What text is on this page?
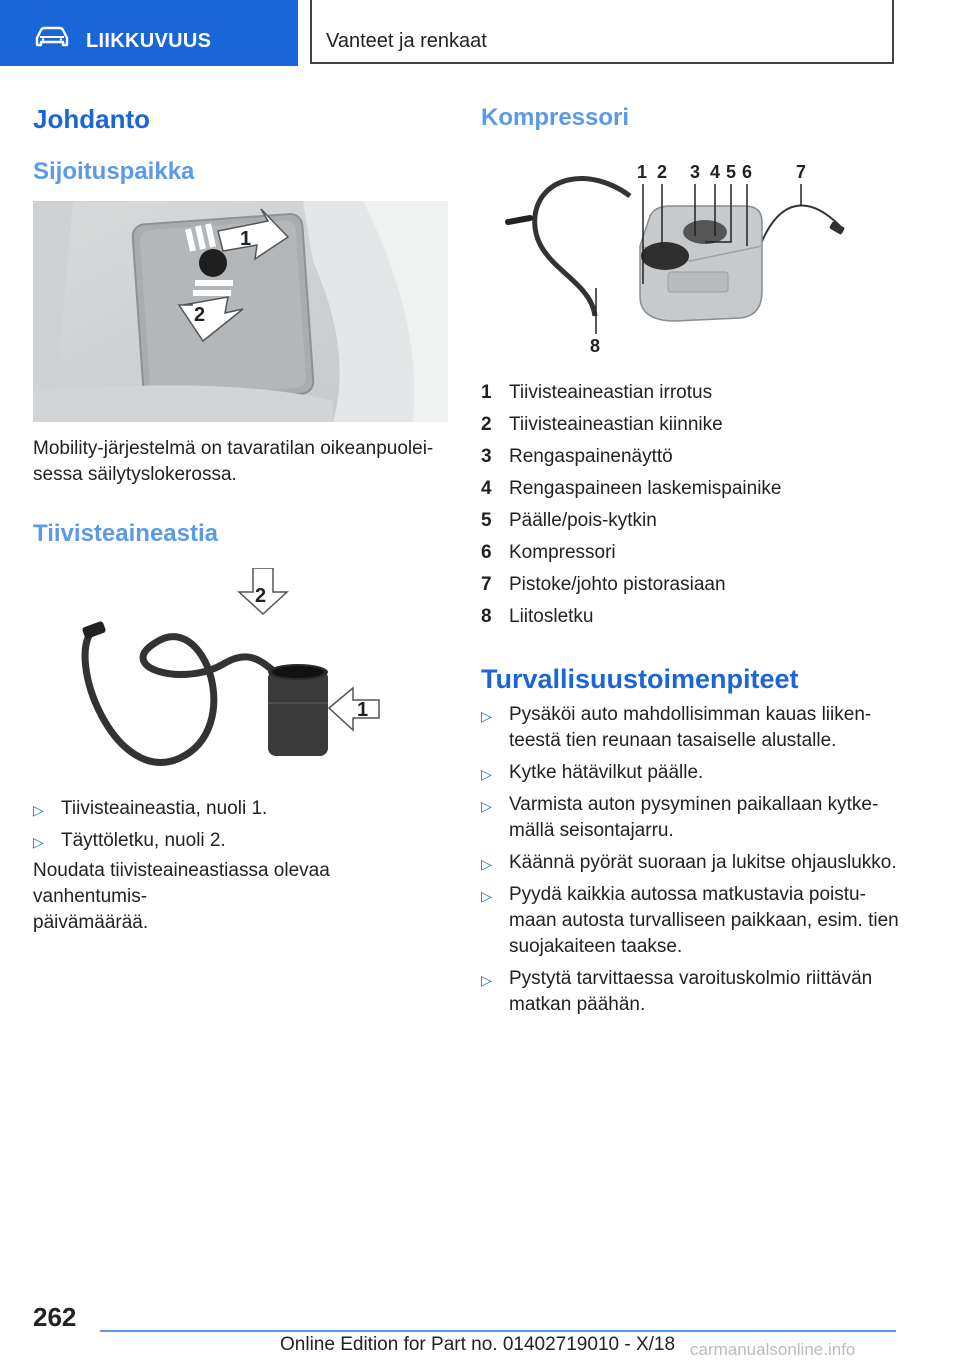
LIIKKUVUUS	Vanteet ja renkaat
Johdanto
Sijoituspaikka
1
2
Mobility-järjestelmä on tavaratilan oikeanpuolei-
sessa säilytyslokerossa.
Tiivisteaineastia
2
1
▷ Tiivisteaineastia, nuoli 1.
▷ Täyttöletku, nuoli 2.
Noudata tiivisteaineastiassa olevaa vanhentumis-
päivämäärää.
Kompressori
1 2 3 4 5 6 7
8
1 Tiivisteaineastian irrotus
2 Tiivisteaineastian kiinnike
3 Rengaspainenäyttö
4 Rengaspaineen laskemispainike
5 Päälle/pois-kytkin
6 Kompressori
7 Pistoke/johto pistorasiaan
8 Liitosletku
Turvallisuustoimenpiteet
▷ Pysäköi auto mahdollisimman kauas liiken-
teestä tien reunaan tasaiselle alustalle.
▷ Kytke hätävilkut päälle.
▷ Varmista auton pysyminen paikallaan kytke-
mällä seisontajarru.
▷ Käännä pyörät suoraan ja lukitse ohjauslukko.
▷ Pyydä kaikkia autossa matkustavia poistu-
maan autosta turvalliseen paikkaan, esim. tien
suojakaiteen taakse.
▷ Pystytä tarvittaessa varoituskolmio riittävän
matkan päähän.
262
Online Edition for Part no. 01402719010 - X/18 carmanualsonline.info
